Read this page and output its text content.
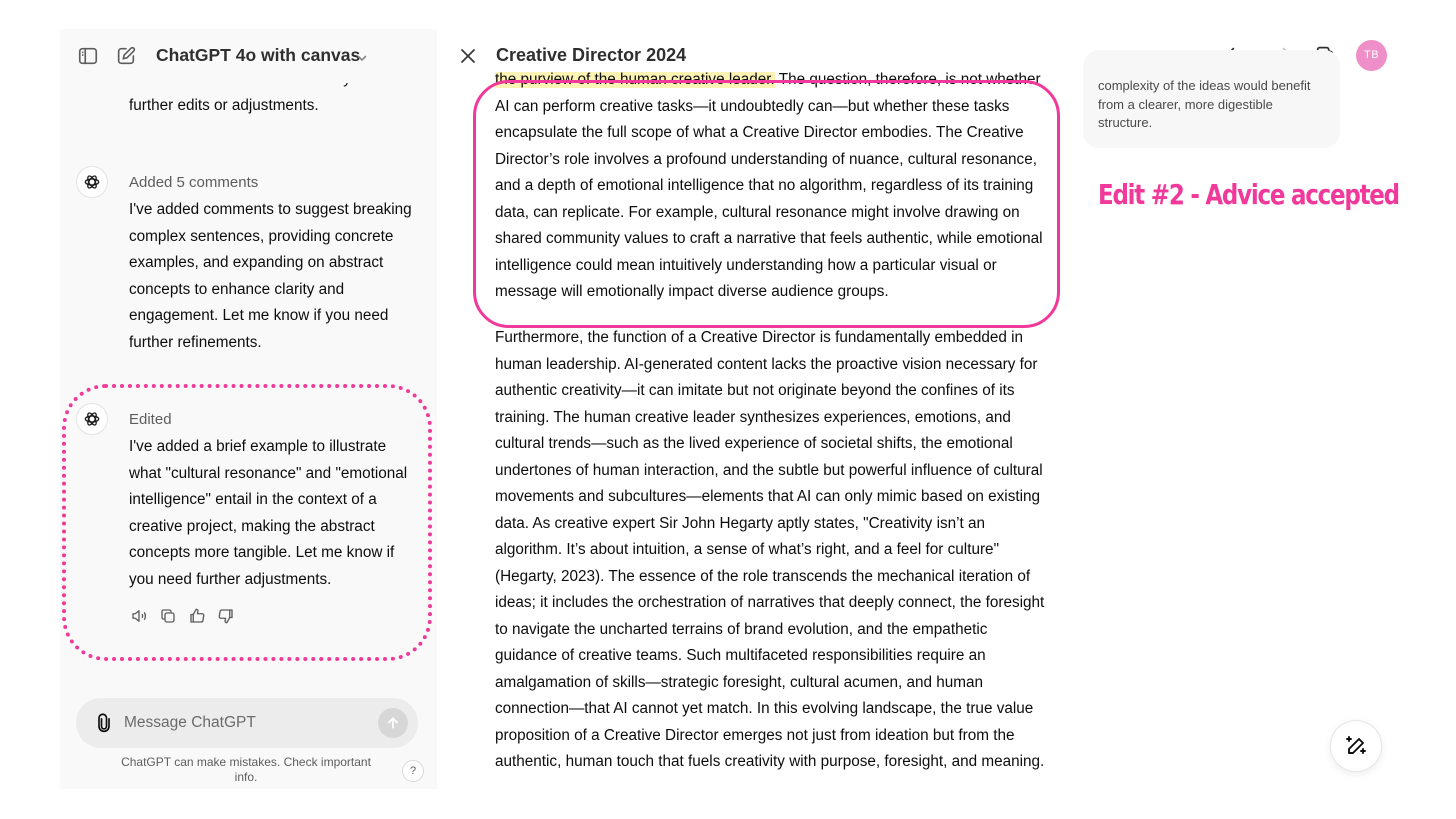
ChatGPT 4o with canvas
further edits or adjustments.
Added 5 comments
I've added comments to suggest breaking complex sentences, providing concrete examples, and expanding on abstract concepts to enhance clarity and engagement. Let me know if you need further refinements.
Edited
I've added a brief example to illustrate what "cultural resonance" and "emotional intelligence" entail in the context of a creative project, making the abstract concepts more tangible. Let me know if you need further adjustments.
Message ChatGPT
ChatGPT can make mistakes. Check important info.	?
Creative Director 2024	TB

the purview of the human creative leader. The question, therefore, is not whether AI can perform creative tasks—it undoubtedly can—but whether these tasks encapsulate the full scope of what a Creative Director embodies. The Creative Director’s role involves a profound understanding of nuance, cultural resonance, and a depth of emotional intelligence that no algorithm, regardless of its training data, can replicate. For example, cultural resonance might involve drawing on shared community values to craft a narrative that feels authentic, while emotional intelligence could mean intuitively understanding how a particular visual or message will emotionally impact diverse audience groups.

Furthermore, the function of a Creative Director is fundamentally embedded in human leadership. AI-generated content lacks the proactive vision necessary for authentic creativity—it can imitate but not originate beyond the confines of its training. The human creative leader synthesizes experiences, emotions, and cultural trends—such as the lived experience of societal shifts, the emotional undertones of human interaction, and the subtle but powerful influence of cultural movements and subcultures—elements that AI can only mimic based on existing data. As creative expert Sir John Hegarty aptly states, "Creativity isn’t an algorithm. It’s about intuition, a sense of what’s right, and a feel for culture" (Hegarty, 2023). The essence of the role transcends the mechanical iteration of ideas; it includes the orchestration of narratives that deeply connect, the foresight to navigate the uncharted terrains of brand evolution, and the empathetic guidance of creative teams. Such multifaceted responsibilities require an amalgamation of skills—strategic foresight, cultural acumen, and human connection—that AI cannot yet match. In this evolving landscape, the true value proposition of a Creative Director emerges not just from ideation but from the authentic, human touch that fuels creativity with purpose, foresight, and meaning.

complexity of the ideas would benefit from a clearer, more digestible structure.
Edit #2 - Advice accepted
